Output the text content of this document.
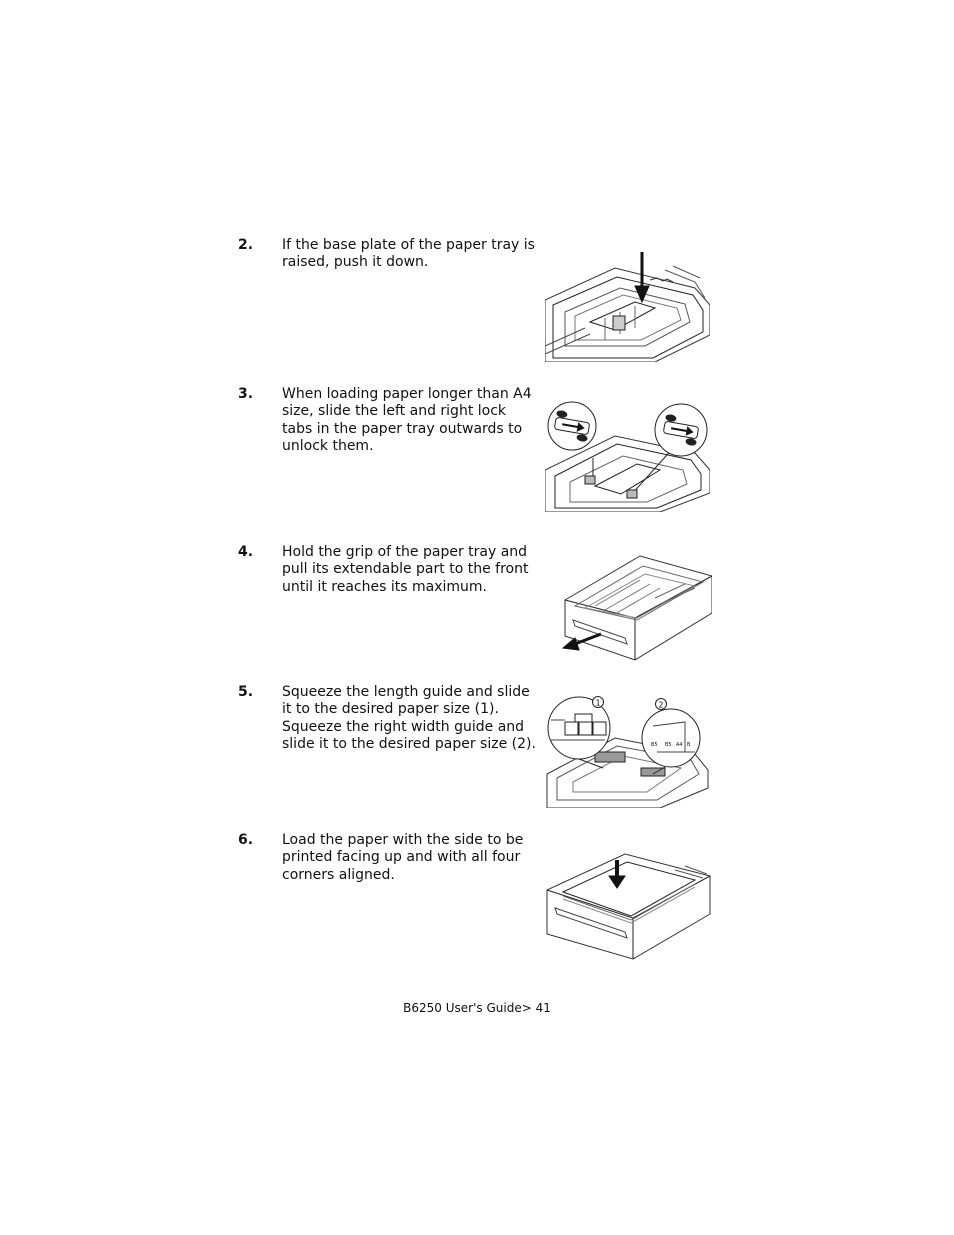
2. If the base plate of the paper tray is raised, push it down.
3. When loading paper longer than A4 size, slide the left and right lock tabs in the paper tray outwards to unlock them.
4. Hold the grip of the paper tray and pull its extendable part to the front until it reaches its maximum.
5. Squeeze the length guide and slide it to the desired paper size (1). Squeeze the right width guide and slide it to the desired paper size (2).
1	2
B5 B5 A4 B
6. Load the paper with the side to be printed facing up and with all four corners aligned.
B6250 User's Guide> 41
